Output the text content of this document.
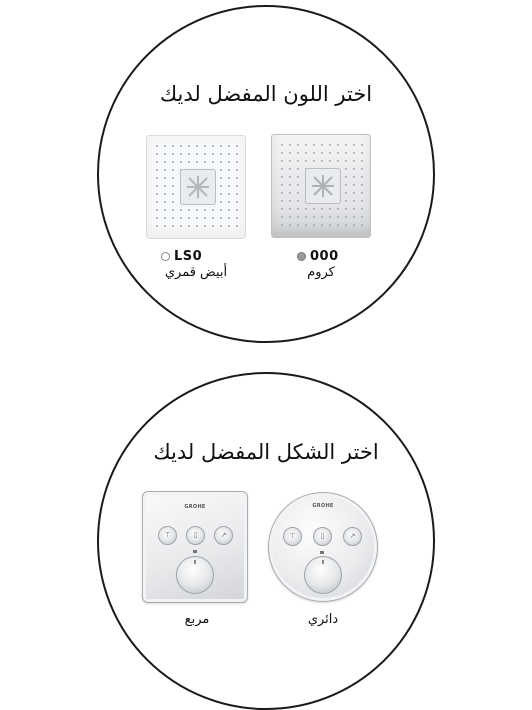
اختر اللون المفضل لديك
LS0	000
أبيض قمري	كروم
اختر الشكل المفضل لديك
GROHE
⊤	▯	↗
مربع
GROHE
⊤	▯	↗
دائري
